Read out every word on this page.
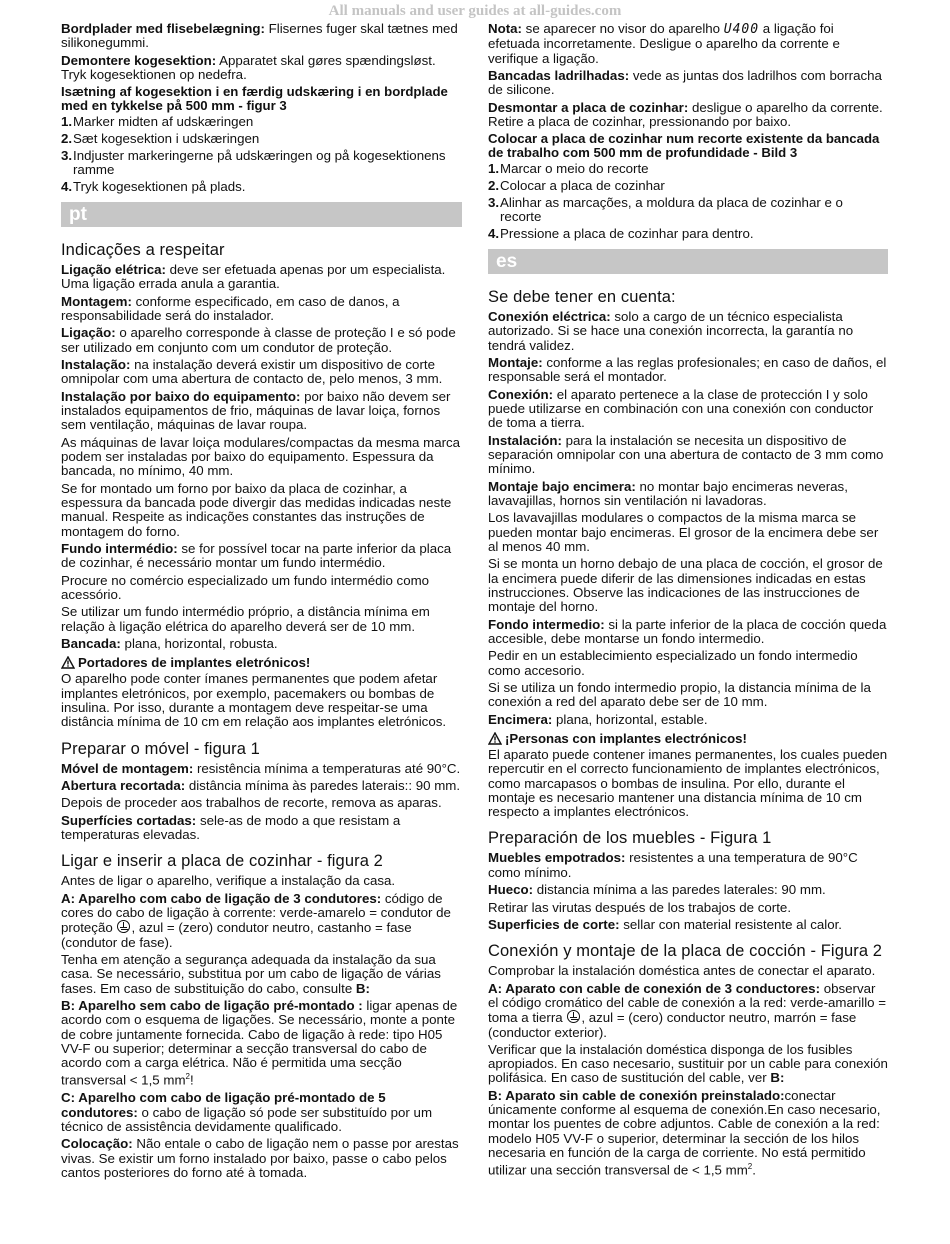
All manuals and user guides at all-guides.com

Bordplader med flisebelægning: Flisernes fuger skal tætnes med silikonegummi.

Demontere kogesektion: Apparatet skal gøres spændingsløst. Tryk kogesektionen op nedefra.

Isætning af kogesektion i en færdig udskæring i en bordplade med en tykkelse på 500 mm - figur 3

1. Marker midten af udskæringen
2. Sæt kogesektion i udskæringen
3. Indjuster markeringerne på udskæringen og på kogesektionens ramme
4. Tryk kogesektionen på plads.
pt
Indicações a respeitar

Ligação elétrica: deve ser efetuada apenas por um especialista. Uma ligação errada anula a garantia.

Montagem: conforme especificado, em caso de danos, a responsabilidade será do instalador.

Ligação: o aparelho corresponde à classe de proteção I e só pode ser utilizado em conjunto com um condutor de proteção.

Instalação: na instalação deverá existir um dispositivo de corte omnipolar com uma abertura de contacto de, pelo menos, 3 mm.

Instalação por baixo do equipamento: por baixo não devem ser instalados equipamentos de frio, máquinas de lavar loiça, fornos sem ventilação, máquinas de lavar roupa.

As máquinas de lavar loiça modulares/compactas da mesma marca podem ser instaladas por baixo do equipamento. Espessura da bancada, no mínimo, 40 mm.

Se for montado um forno por baixo da placa de cozinhar, a espessura da bancada pode divergir das medidas indicadas neste manual. Respeite as indicações constantes das instruções de montagem do forno.

Fundo intermédio: se for possível tocar na parte inferior da placa de cozinhar, é necessário montar um fundo intermédio.

Procure no comércio especializado um fundo intermédio como acessório.

Se utilizar um fundo intermédio próprio, a distância mínima em relação à ligação elétrica do aparelho deverá ser de 10 mm.

Bancada: plana, horizontal, robusta.

Portadores de implantes eletrónicos!

O aparelho pode conter ímanes permanentes que podem afetar implantes eletrónicos, por exemplo, pacemakers ou bombas de insulina. Por isso, durante a montagem deve respeitar-se uma distância mínima de 10 cm em relação aos implantes eletrónicos.

Preparar o móvel - figura 1

Móvel de montagem: resistência mínima a temperaturas até 90°C.

Abertura recortada: distância mínima às paredes laterais:: 90 mm.

Depois de proceder aos trabalhos de recorte, remova as aparas.

Superfícies cortadas: sele-as de modo a que resistam a temperaturas elevadas.

Ligar e inserir a placa de cozinhar - figura 2

Antes de ligar o aparelho, verifique a instalação da casa.

A: Aparelho com cabo de ligação de 3 condutores: código de cores do cabo de ligação à corrente: verde-amarelo = condutor de proteção , azul = (zero) condutor neutro, castanho = fase (condutor de fase).

Tenha em atenção a segurança adequada da instalação da sua casa. Se necessário, substitua por um cabo de ligação de várias fases. Em caso de substituição do cabo, consulte B:

B: Aparelho sem cabo de ligação pré-montado : ligar apenas de acordo com o esquema de ligações. Se necessário, monte a ponte de cobre juntamente fornecida. Cabo de ligação à rede: tipo H05 VV-F ou superior; determinar a secção transversal do cabo de acordo com a carga elétrica. Não é permitida uma secção transversal < 1,5 $mm^2$!

C: Aparelho com cabo de ligação pré-montado de 5 condutores: o cabo de ligação só pode ser substituído por um técnico de assistência devidamente qualificado.

Colocação: Não entale o cabo de ligação nem o passe por arestas vivas. Se existir um forno instalado por baixo, passe o cabo pelos cantos posteriores do forno até à tomada.

Nota: se aparecer no visor do aparelho U400 a ligação foi efetuada incorretamente. Desligue o aparelho da corrente e verifique a ligação.

Bancadas ladrilhadas: vede as juntas dos ladrilhos com borracha de silicone.

Desmontar a placa de cozinhar: desligue o aparelho da corrente. Retire a placa de cozinhar, pressionando por baixo.

Colocar a placa de cozinhar num recorte existente da bancada de trabalho com 500 mm de profundidade - Bild 3

1. Marcar o meio do recorte
2. Colocar a placa de cozinhar
3. Alinhar as marcações, a moldura da placa de cozinhar e o recorte
4. Pressione a placa de cozinhar para dentro.
es
Se debe tener en cuenta:

Conexión eléctrica: solo a cargo de un técnico especialista autorizado. Si se hace una conexión incorrecta, la garantía no tendrá validez.

Montaje: conforme a las reglas profesionales; en caso de daños, el responsable será el montador.

Conexión: el aparato pertenece a la clase de protección I y solo puede utilizarse en combinación con una conexión con conductor de toma a tierra.

Instalación: para la instalación se necesita un dispositivo de separación omnipolar con una abertura de contacto de 3 mm como mínimo.

Montaje bajo encimera: no montar bajo encimeras neveras, lavavajillas, hornos sin ventilación ni lavadoras.

Los lavavajillas modulares o compactos de la misma marca se pueden montar bajo encimeras. El grosor de la encimera debe ser al menos 40 mm.

Si se monta un horno debajo de una placa de cocción, el grosor de la encimera puede diferir de las dimensiones indicadas en estas instrucciones. Observe las indicaciones de las instrucciones de montaje del horno.

Fondo intermedio: si la parte inferior de la placa de cocción queda accesible, debe montarse un fondo intermedio.

Pedir en un establecimiento especializado un fondo intermedio como accesorio.

Si se utiliza un fondo intermedio propio, la distancia mínima de la conexión a red del aparato debe ser de 10 mm.

Encimera: plana, horizontal, estable.

¡Personas con implantes electrónicos!

El aparato puede contener imanes permanentes, los cuales pueden repercutir en el correcto funcionamiento de implantes electrónicos, como marcapasos o bombas de insulina. Por ello, durante el montaje es necesario mantener una distancia mínima de 10 cm respecto a implantes electrónicos.

Preparación de los muebles - Figura 1

Muebles empotrados: resistentes a una temperatura de 90°C como mínimo.

Hueco: distancia mínima a las paredes laterales: 90 mm.

Retirar las virutas después de los trabajos de corte.

Superficies de corte: sellar con material resistente al calor.

Conexión y montaje de la placa de cocción - Figura 2

Comprobar la instalación doméstica antes de conectar el aparato.

A: Aparato con cable de conexión de 3 conductores: observar el código cromático del cable de conexión a la red: verde-amarillo = toma a tierra , azul = (cero) conductor neutro, marrón = fase (conductor exterior).

Verificar que la instalación doméstica disponga de los fusibles apropiados. En caso necesario, sustituir por un cable para conexión polifásica. En caso de sustitución del cable, ver B:

B: Aparato sin cable de conexión preinstalado:conectar únicamente conforme al esquema de conexión.En caso necesario, montar los puentes de cobre adjuntos. Cable de conexión a la red: modelo H05 VV-F o superior, determinar la sección de los hilos necesaria en función de la carga de corriente. No está permitido utilizar una sección transversal de < 1,5 $mm^2$.
